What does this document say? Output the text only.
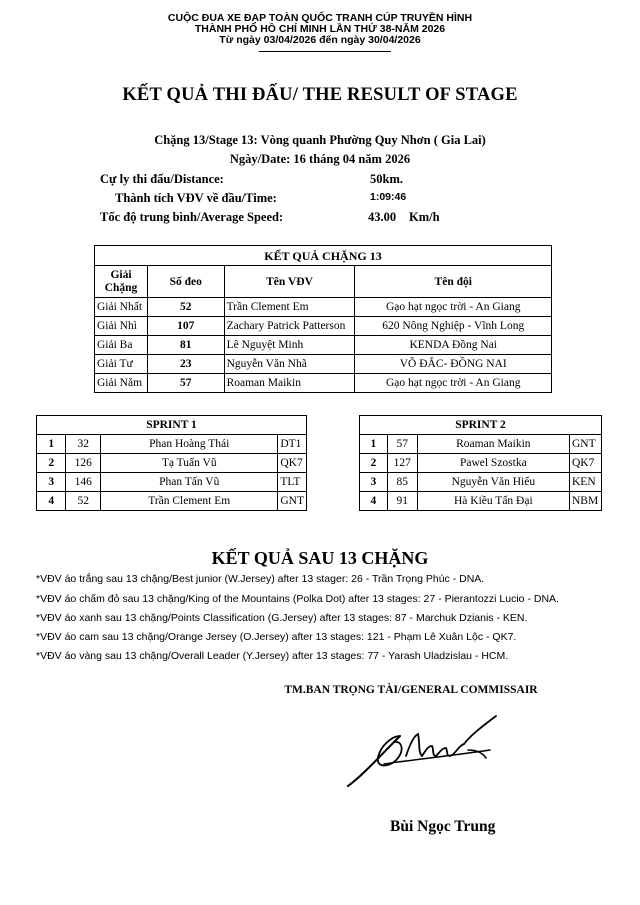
CUỘC ĐUA XE ĐẠP TOÀN QUỐC TRANH CÚP TRUYỀN HÌNH
THÀNH PHỐ HỒ CHÍ MINH LẦN THỨ 38-NĂM 2026
Từ ngày 03/04/2026 đến ngày 30/04/2026
KẾT QUẢ THI ĐẤU/ THE RESULT OF STAGE
Chặng 13/Stage 13: Vòng quanh Phường Quy Nhơn ( Gia Lai)
Ngày/Date: 16 tháng 04 năm 2026
Cự ly thi đấu/Distance:	50km.
Thành tích VĐV về đầu/Time:	1:09:46
Tốc độ trung bình/Average Speed:	43.00 Km/h
KẾT QUẢ CHẶNG 13			
Giải
Chặng	Số đeo	Tên VĐV	Tên đội
Giải Nhất	52	Trần Clement Em	Gạo hạt ngọc trời - An Giang
Giải Nhì	107	Zachary Patrick Patterson	620 Nông Nghiệp - Vĩnh Long
Giải Ba	81	Lê Nguyệt Minh	KENDA Đồng Nai
Giải Tư	23	Nguyễn Văn Nhã	VÕ ĐẮC- ĐỒNG NAI
Giải Năm	57	Roaman Maikin	Gạo hạt ngọc trời - An Giang
SPRINT 1			
1	32	Phan Hoàng Thái	DT1
2	126	Tạ Tuấn Vũ	QK7
3	146	Phan Tấn Vũ	TLT
4	52	Trần Clement Em	GNT
SPRINT 2			
1	57	Roaman Maikin	GNT
2	127	Pawel Szostka	QK7
3	85	Nguyễn Văn Hiếu	KEN
4	91	Hà Kiều Tấn Đại	NBM
KẾT QUẢ SAU 13 CHẶNG
*VĐV áo trắng sau 13 chặng/Best junior (W.Jersey) after 13 stager: 26 - Trần Trọng Phúc - DNA.
*VĐV áo chấm đỏ sau 13 chặng/King of the Mountains (Polka Dot) after 13 stages: 27 - Pierantozzi Lucio - DNA.
*VĐV áo xanh sau 13 chặng/Points Classification (G.Jersey) after 13 stages: 87 - Marchuk Dzianis - KEN.
*VĐV áo cam sau 13 chặng/Orange Jersey (O.Jersey) after 13 stages: 121 - Phạm Lê Xuân Lộc - QK7.
*VĐV áo vàng sau 13 chặng/Overall Leader (Y.Jersey) after 13 stages: 77 - Yarash Uladzislau - HCM.
TM.BAN TRỌNG TÀI/GENERAL COMMISSAIR
Bùi Ngọc Trung
